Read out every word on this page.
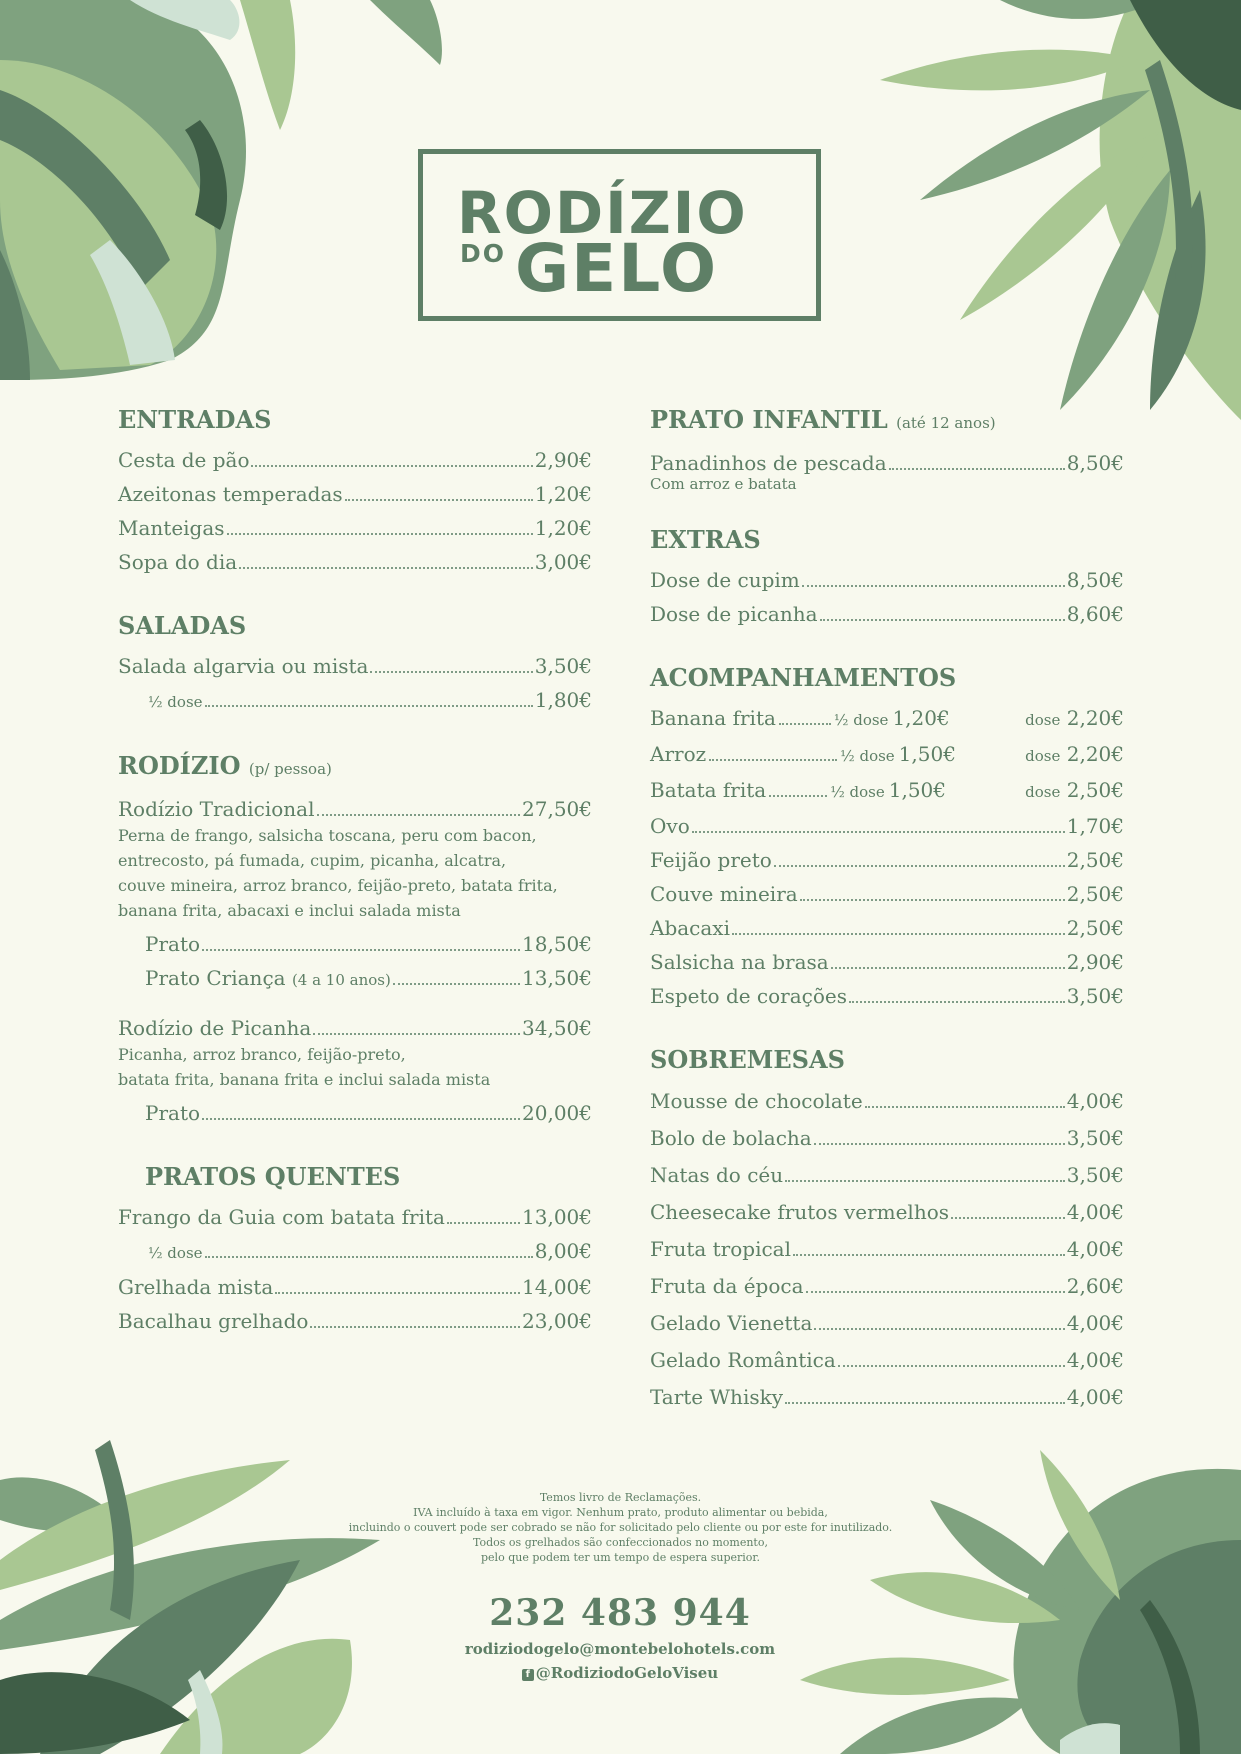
RODÍZIO
DO GELO
ENTRADAS
Cesta de pão	2,90€
Azeitonas temperadas	1,20€
Manteigas	1,20€
Sopa do dia	3,00€
SALADAS
Salada algarvia ou mista	3,50€
½ dose	1,80€
RODÍZIO (p/ pessoa)
Rodízio Tradicional	27,50€
Perna de frango, salsicha toscana, peru com bacon,
entrecosto, pá fumada, cupim, picanha, alcatra,
couve mineira, arroz branco, feijão-preto, batata frita,
banana frita, abacaxi e inclui salada mista
Prato	18,50€
Prato Criança
(4 a 10 anos)	13,50€
Rodízio de Picanha	34,50€
Picanha, arroz branco, feijão-preto,
batata frita, banana frita e inclui salada mista
Prato	20,00€
PRATOS QUENTES
Frango da Guia com batata frita	13,00€
½ dose	8,00€
Grelhada mista	14,00€
Bacalhau grelhado	23,00€
PRATO INFANTIL (até 12 anos)
Panadinhos de pescada	8,50€
Com arroz e batata
EXTRAS
Dose de cupim	8,50€
Dose de picanha	8,60€
ACOMPANHAMENTOS
Banana frita	½ dose 1,20€	dose 2,20€
Arroz	½ dose 1,50€	dose 2,20€
Batata frita	½ dose 1,50€	dose 2,50€
Ovo	1,70€
Feijão preto	2,50€
Couve mineira	2,50€
Abacaxi	2,50€
Salsicha na brasa	2,90€
Espeto de corações	3,50€
SOBREMESAS
Mousse de chocolate	4,00€
Bolo de bolacha	3,50€
Natas do céu	3,50€
Cheesecake frutos vermelhos	4,00€
Fruta tropical	4,00€
Fruta da época	2,60€
Gelado Vienetta	4,00€
Gelado Romântica	4,00€
Tarte Whisky	4,00€
Temos livro de Reclamações.
IVA incluído à taxa em vigor. Nenhum prato, produto alimentar ou bebida,
incluindo o couvert pode ser cobrado se não for solicitado pelo cliente ou por este for inutilizado.
Todos os grelhados são confeccionados no momento,
pelo que podem ter um tempo de espera superior.
232 483 944
rodiziodogelo@montebelohotels.com
f @RodiziodoGeloViseu
